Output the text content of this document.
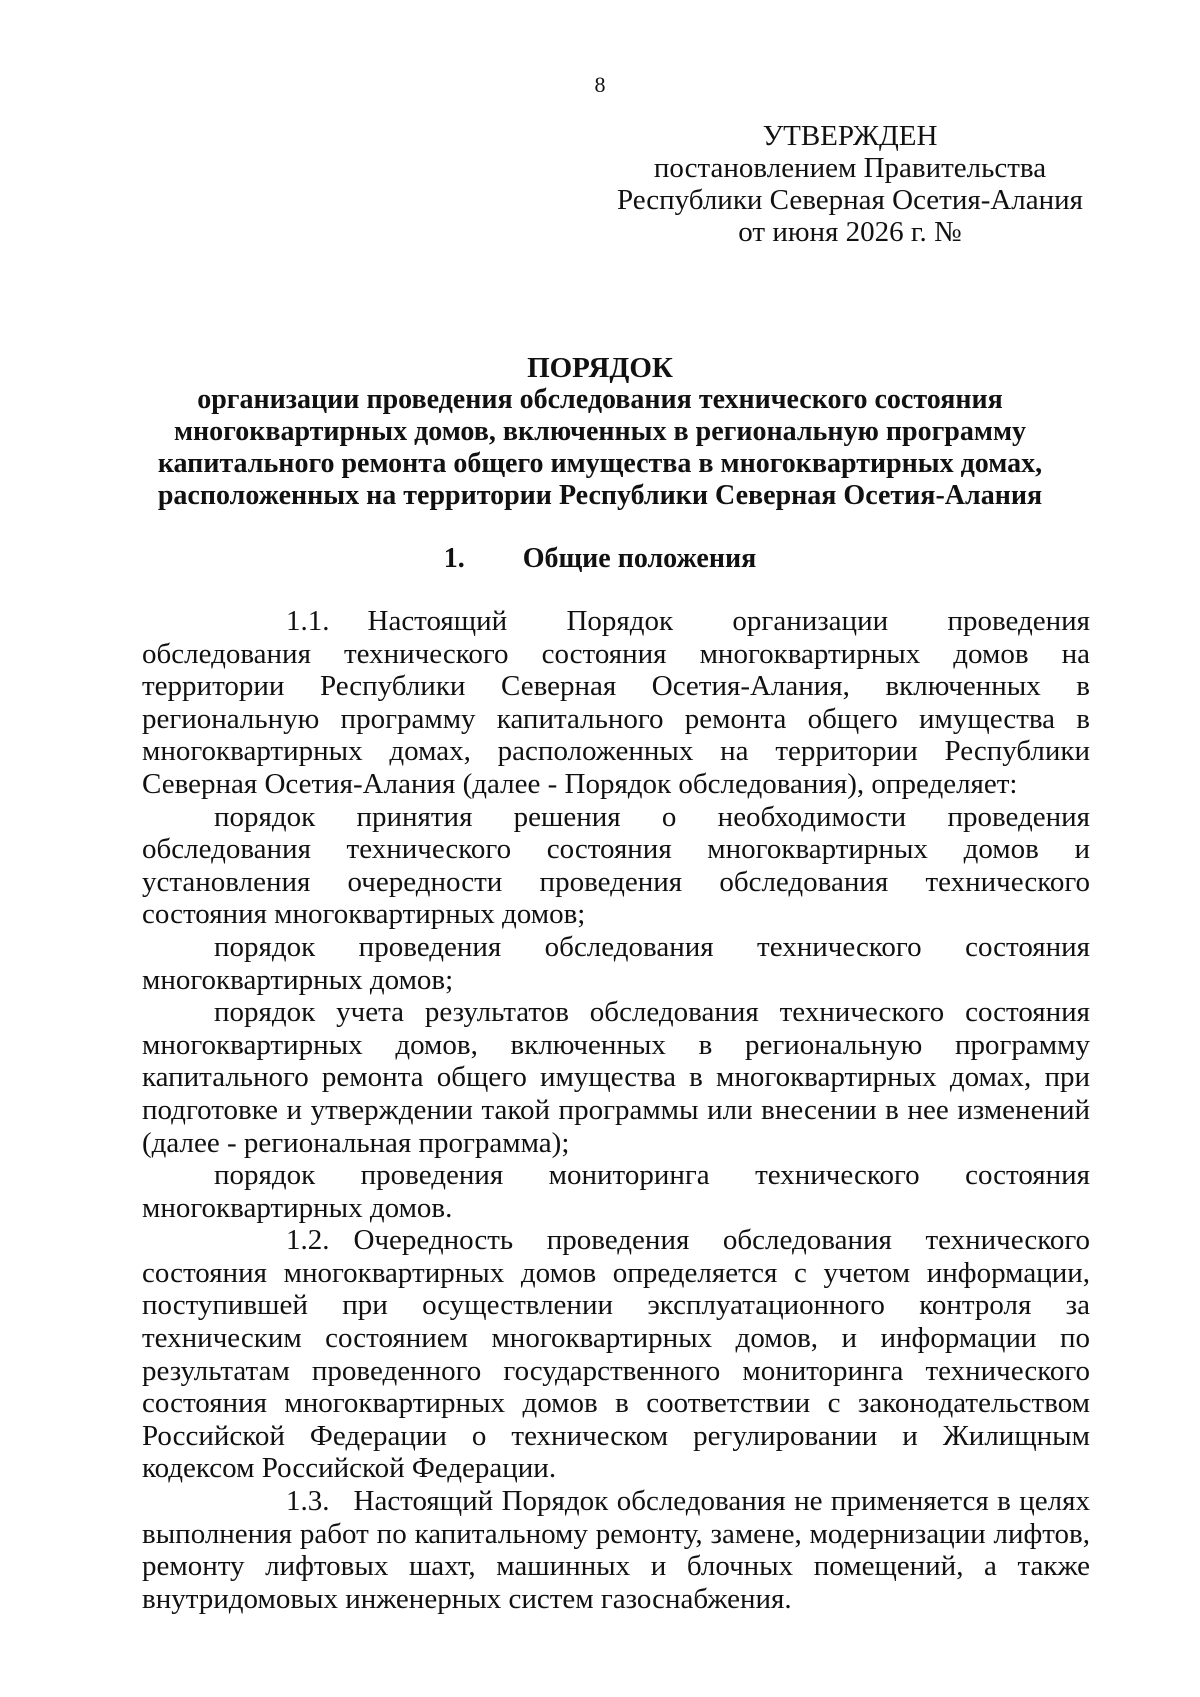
8
УТВЕРЖДЕН
постановлением Правительства
Республики Северная Осетия-Алания
от июня 2026 г. №
ПОРЯДОК
организации проведения обследования технического состояния
многоквартирных домов, включенных в региональную программу
капитального ремонта общего имущества в многоквартирных домах,
расположенных на территории Республики Северная Осетия-Алания
1. Общие положения

1.1. Настоящий Порядок организации проведения обследования технического состояния многоквартирных домов на территории Республики Северная Осетия-Алания, включенных в региональную программу капитального ремонта общего имущества в многоквартирных домах, расположенных на территории Республики Северная Осетия-Алания (далее - Порядок обследования), определяет:

порядок принятия решения о необходимости проведения обследования технического состояния многоквартирных домов и установления очередности проведения обследования технического состояния многоквартирных домов;

порядок проведения обследования технического состояния многоквартирных домов;

порядок учета результатов обследования технического состояния многоквартирных домов, включенных в региональную программу капитального ремонта общего имущества в многоквартирных домах, при подготовке и утверждении такой программы или внесении в нее изменений (далее - региональная программа);

порядок проведения мониторинга технического состояния многоквартирных домов.

1.2. Очередность проведения обследования технического состояния многоквартирных домов определяется с учетом информации, поступившей при осуществлении эксплуатационного контроля за техническим состоянием многоквартирных домов, и информации по результатам проведенного государственного мониторинга технического состояния многоквартирных домов в соответствии с законодательством Российской Федерации о техническом регулировании и Жилищным кодексом Российской Федерации.

1.3. Настоящий Порядок обследования не применяется в целях выполнения работ по капитальному ремонту, замене, модернизации лифтов, ремонту лифтовых шахт, машинных и блочных помещений, а также внутридомовых инженерных систем газоснабжения.
